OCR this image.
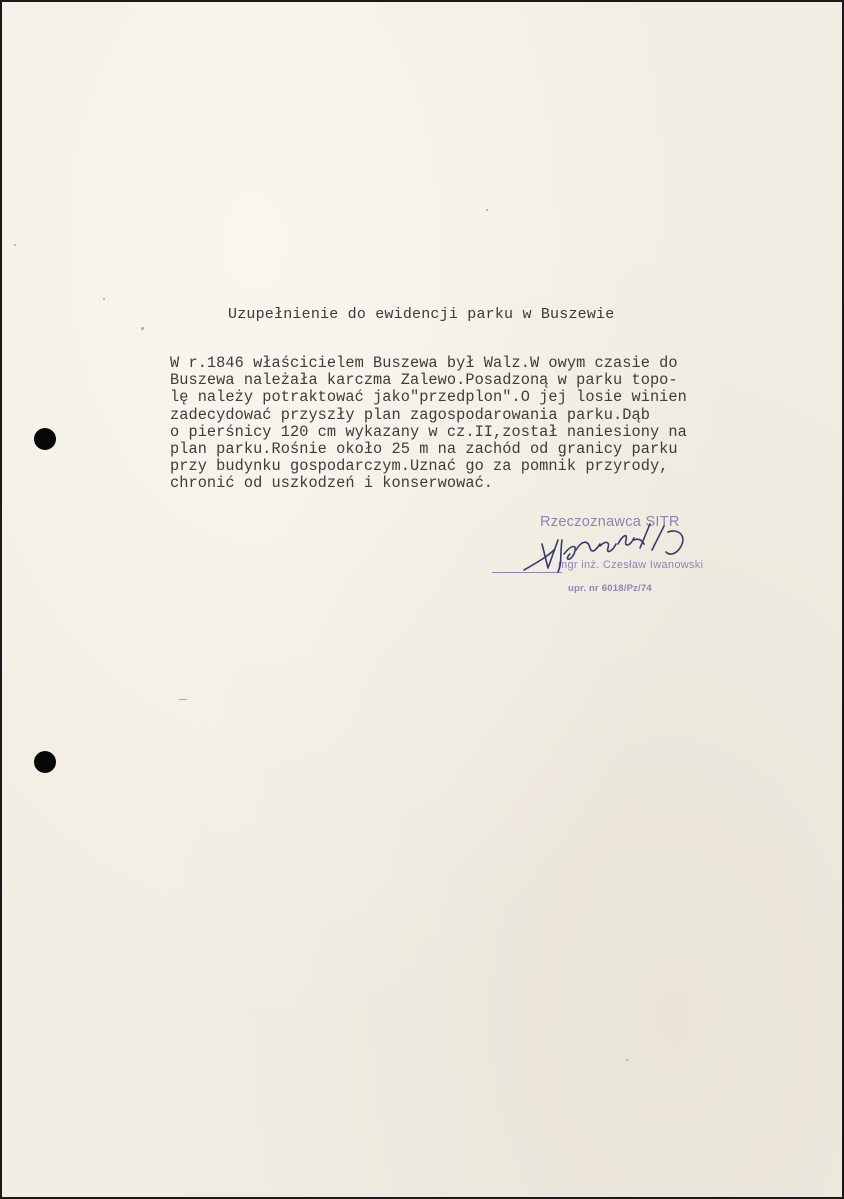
Uzupełnienie do ewidencji parku w Buszewie

W r.1846 właścicielem Buszewa był Walz.W owym czasie do
Buszewa należała karczma Zalewo.Posadzoną w parku topo-
lę należy potraktować jako"przedplon".O jej losie winien
zadecydować przyszły plan zagospodarowania parku.Dąb
o pierśnicy 120 cm wykazany w cz.II,został naniesiony na
plan parku.Rośnie około 25 m na zachód od granicy parku
przy budynku gospodarczym.Uznać go za pomnik przyrody,
chronić od uszkodzeń i konserwować.

Rzeczoznawca SITR
mgr inż. Czesław Iwanowski
upr. nr 6018/Pz/74
